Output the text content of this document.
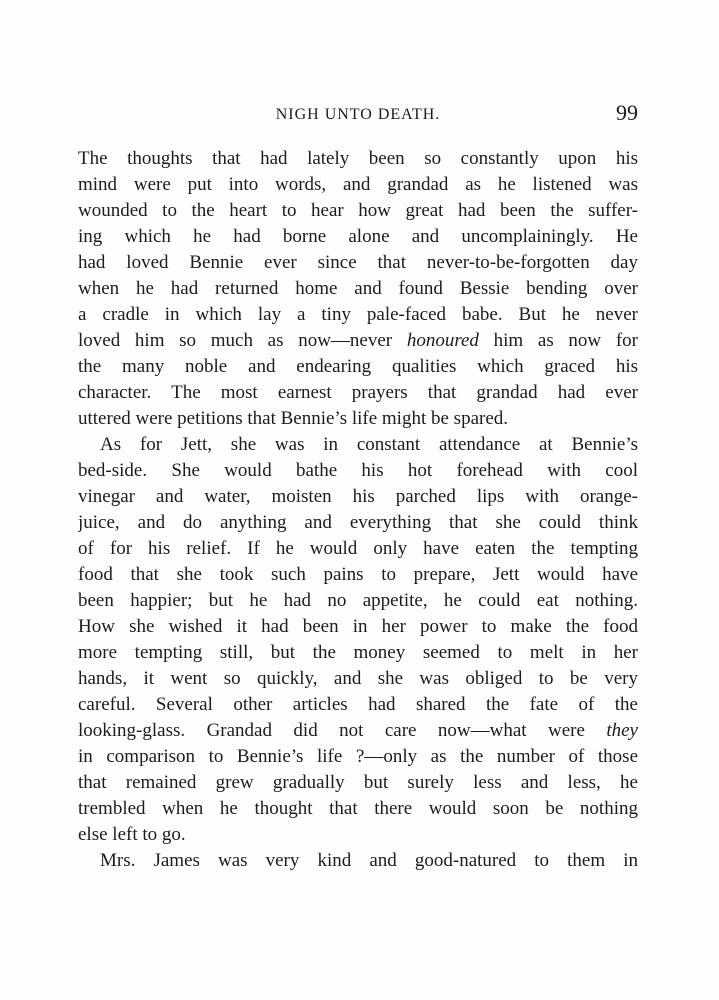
NIGH UNTO DEATH.	99
The thoughts that had lately been so constantly upon his
mind were put into words, and grandad as he listened was
wounded to the heart to hear how great had been the suffer-
ing which he had borne alone and uncomplainingly. He
had loved Bennie ever since that never-to-be-forgotten day
when he had returned home and found Bessie bending over
a cradle in which lay a tiny pale-faced babe. But he never
loved him so much as now—never honoured him as now for
the many noble and endearing qualities which graced his
character. The most earnest prayers that grandad had ever
uttered were petitions that Bennie’s life might be spared.
As for Jett, she was in constant attendance at Bennie’s
bed-side. She would bathe his hot forehead with cool
vinegar and water, moisten his parched lips with orange-
juice, and do anything and everything that she could think
of for his relief. If he would only have eaten the tempting
food that she took such pains to prepare, Jett would have
been happier; but he had no appetite, he could eat nothing.
How she wished it had been in her power to make the food
more tempting still, but the money seemed to melt in her
hands, it went so quickly, and she was obliged to be very
careful. Several other articles had shared the fate of the
looking-glass. Grandad did not care now—what were they
in comparison to Bennie’s life ?—only as the number of those
that remained grew gradually but surely less and less, he
trembled when he thought that there would soon be nothing
else left to go.
Mrs. James was very kind and good-natured to them in
